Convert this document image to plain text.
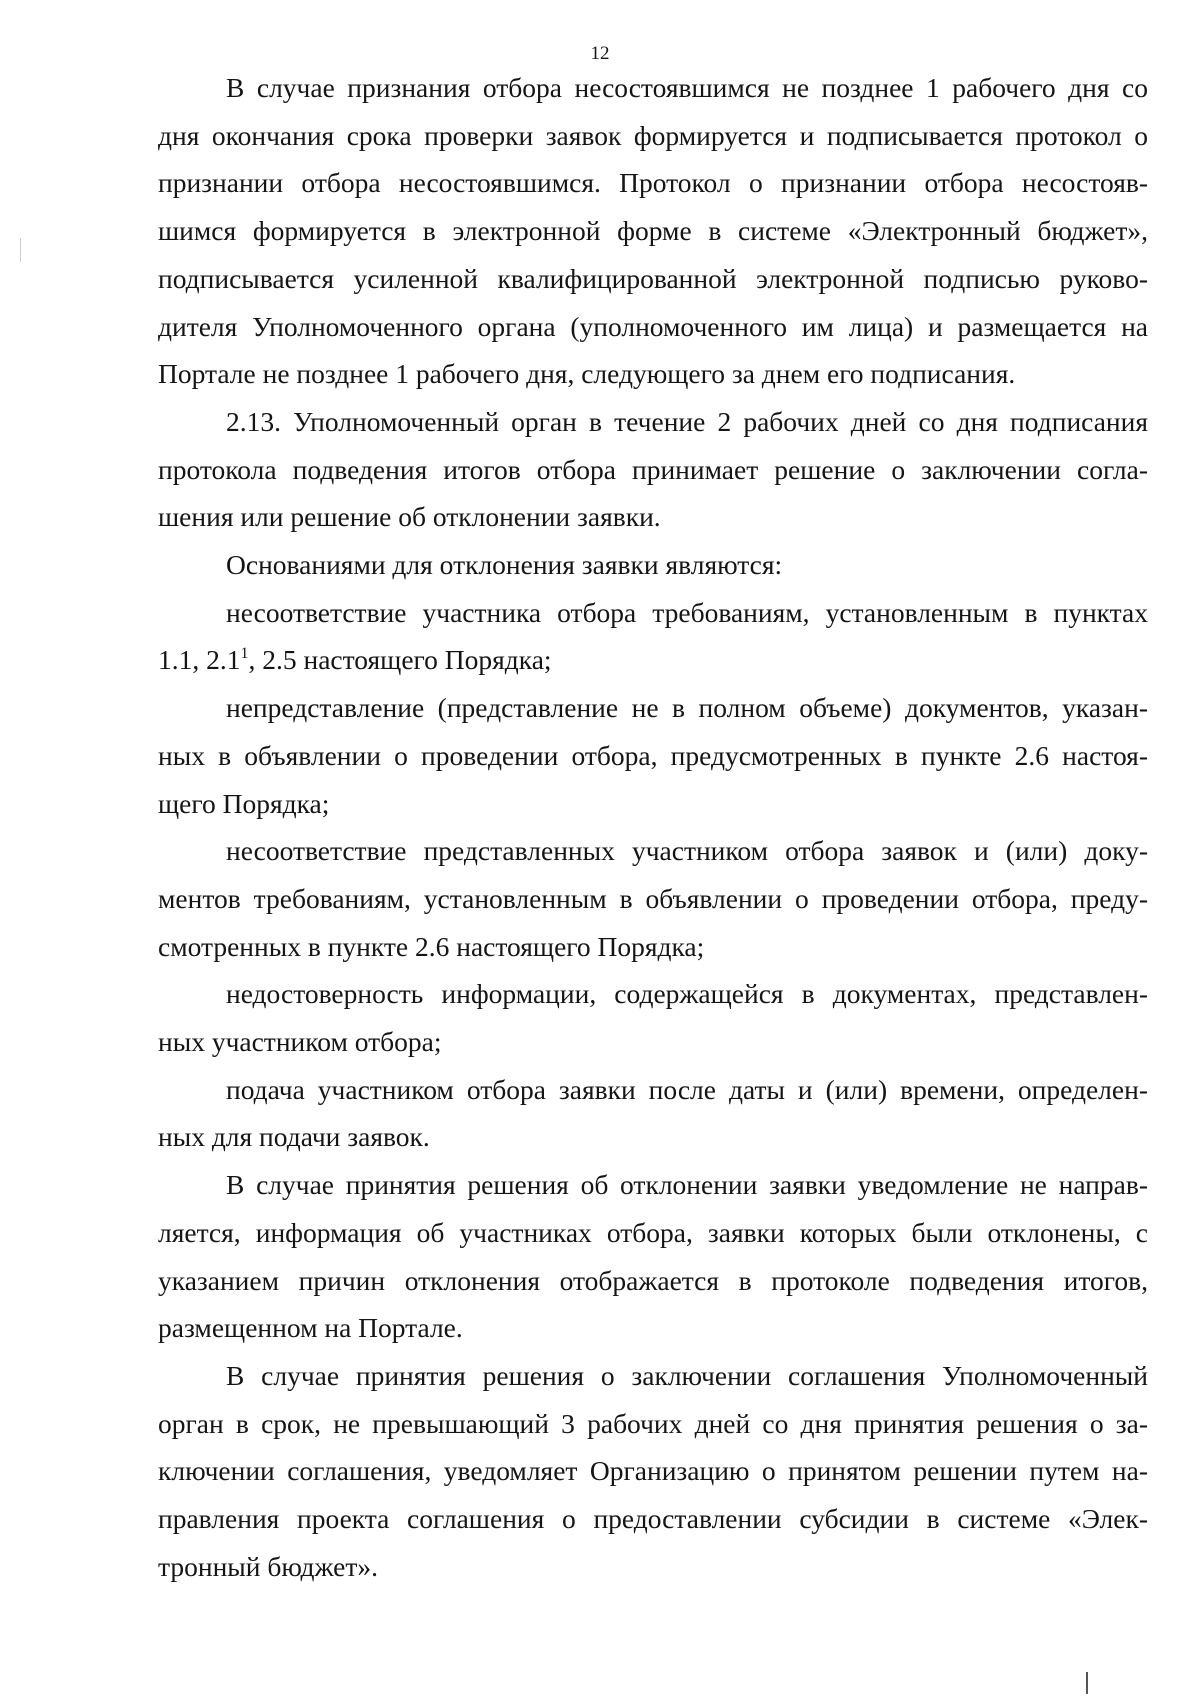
12

В случае признания отбора несостоявшимся не позднее 1 рабочего дня со
дня окончания срока проверки заявок формируется и подписывается протокол о
признании отбора несостоявшимся. Протокол о признании отбора несостояв-
шимся формируется в электронной форме в системе «Электронный бюджет»,
подписывается усиленной квалифицированной электронной подписью руково-
дителя Уполномоченного органа (уполномоченного им лица) и размещается на
Портале не позднее 1 рабочего дня, следующего за днем его подписания.

2.13. Уполномоченный орган в течение 2 рабочих дней со дня подписания
протокола подведения итогов отбора принимает решение о заключении согла-
шения или решение об отклонении заявки.

Основаниями для отклонения заявки являются:

несоответствие участника отбора требованиям, установленным в пунктах
1.1, $2.1^1$, 2.5 настоящего Порядка;
непредставление (представление не в полном объеме) документов, указан-
ных в объявлении о проведении отбора, предусмотренных в пункте 2.6 настоя-
щего Порядка;

несоответствие представленных участником отбора заявок и (или) доку-
ментов требованиям, установленным в объявлении о проведении отбора, преду-
смотренных в пункте 2.6 настоящего Порядка;

недостоверность информации, содержащейся в документах, представлен-
ных участником отбора;

подача участником отбора заявки после даты и (или) времени, определен-
ных для подачи заявок.

В случае принятия решения об отклонении заявки уведомление не направ-
ляется, информация об участниках отбора, заявки которых были отклонены, с
указанием причин отклонения отображается в протоколе подведения итогов,
размещенном на Портале.

В случае принятия решения о заключении соглашения Уполномоченный
орган в срок, не превышающий 3 рабочих дней со дня принятия решения о за-
ключении соглашения, уведомляет Организацию о принятом решении путем на-
правления проекта соглашения о предоставлении субсидии в системе «Элек-
тронный бюджет».
